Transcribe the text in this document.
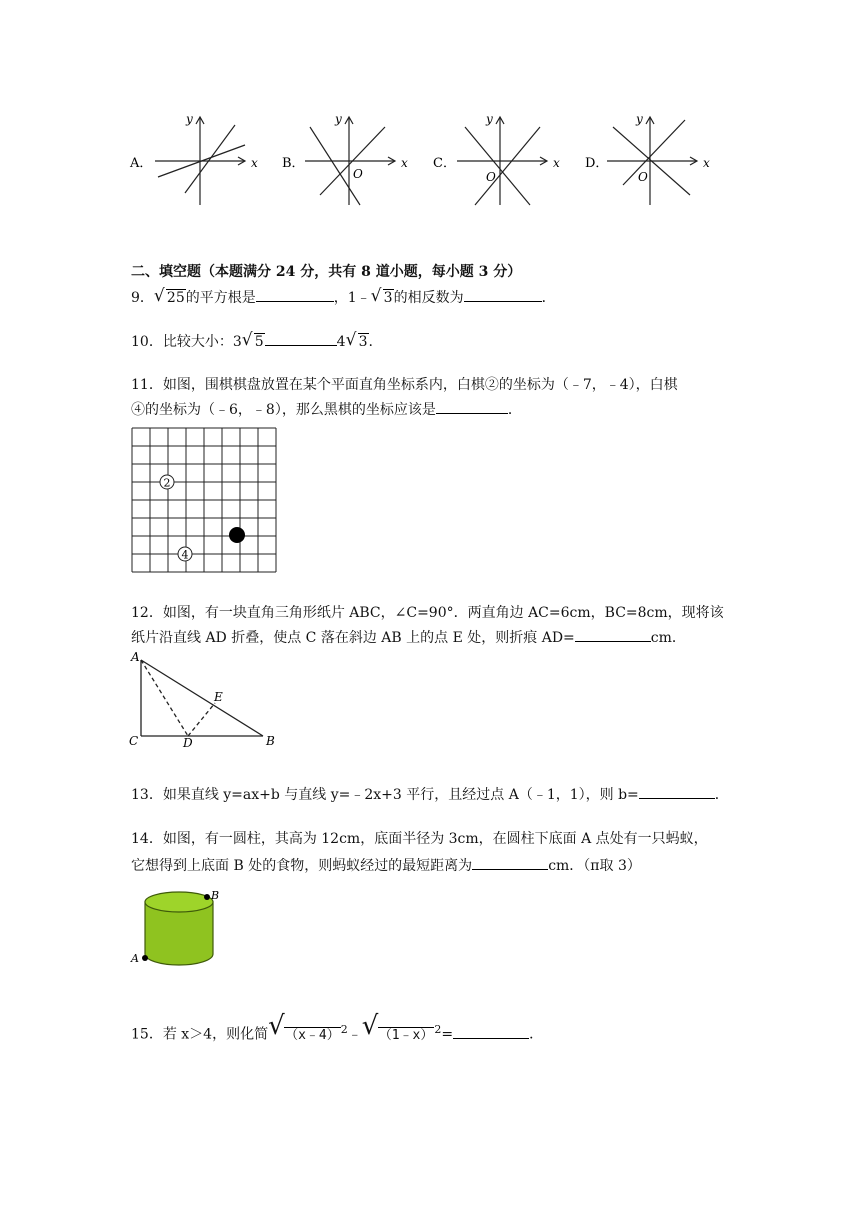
A．	x
y
B．	x
y
O
C．	x
y
O
D．	x
y
O
二、填空题（本题满分 24 分，共有 8 道小题，每小题 3 分）
9． √ 25的平方根是	，1﹣ √ 3的相反数为	．
10．比较大小：3 √ 5	4 √ 3.
11．如图，围棋棋盘放置在某个平面直角坐标系内，白棋②的坐标为（﹣7，﹣4），白棋
④的坐标为（﹣6，﹣8），那么黑棋的坐标应该是	．
2
4
12．如图，有一块直角三角形纸片 ABC，∠C=90°．两直角边 AC=6cm，BC=8cm，现将该
纸片沿直线 AD 折叠，使点 C 落在斜边 AB 上的点 E 处，则折痕 AD=	cm．
A
C	B
D
E
13．如果直线 y=ax+b 与直线 y=﹣2x+3 平行，且经过点 A（﹣1，1），则 b=	．
14．如图，有一圆柱，其高为 12cm，底面半径为 3cm，在圆柱下底面 A 点处有一只蚂蚁，
它想得到上底面 B 处的食物，则蚂蚁经过的最短距离为	cm．（π取 3）
B
A
15．若 x＞4，则化简 √ （x﹣4）$^2$﹣ √ （1﹣x）$^2$=	．
